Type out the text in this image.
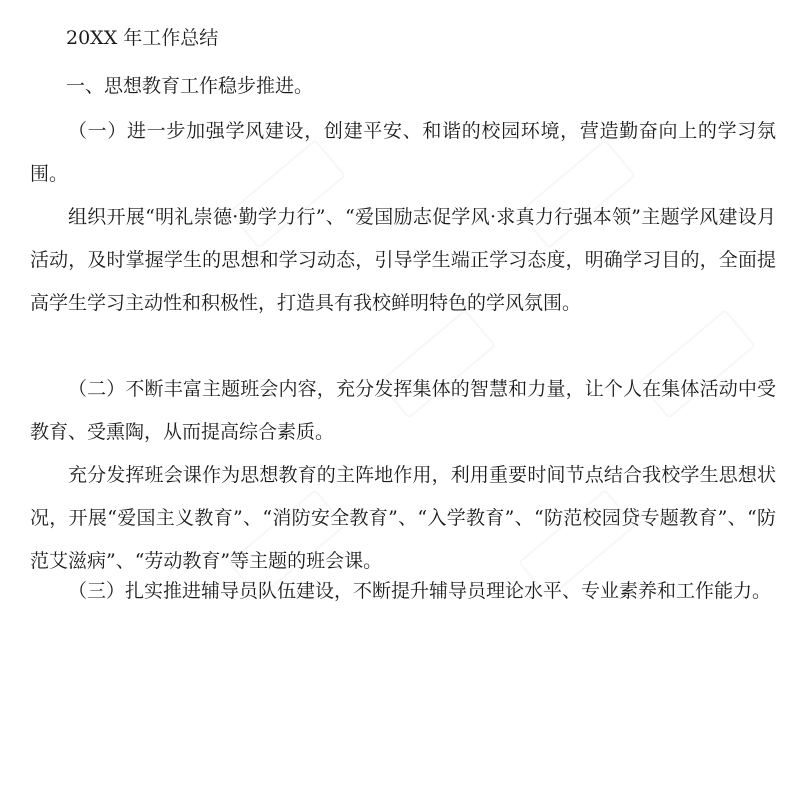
20XX 年工作总结
一、思想教育工作稳步推进。
（一）进一步加强学风建设，创建平安、和谐的校园环境，营造勤奋向上的学习氛围。
组织开展“明礼崇德·勤学力行”、“爱国励志促学风·求真力行强本领”主题学风建设月活动，及时掌握学生的思想和学习动态，引导学生端正学习态度，明确学习目的，全面提高学生学习主动性和积极性，打造具有我校鲜明特色的学风氛围。
（二）不断丰富主题班会内容，充分发挥集体的智慧和力量，让个人在集体活动中受教育、受熏陶，从而提高综合素质。
充分发挥班会课作为思想教育的主阵地作用，利用重要时间节点结合我校学生思想状况，开展“爱国主义教育”、“消防安全教育”、“入学教育”、“防范校园贷专题教育”、“防范艾滋病”、“劳动教育”等主题的班会课。
（三）扎实推进辅导员队伍建设，不断提升辅导员理论水平、专业素养和工作能力。
